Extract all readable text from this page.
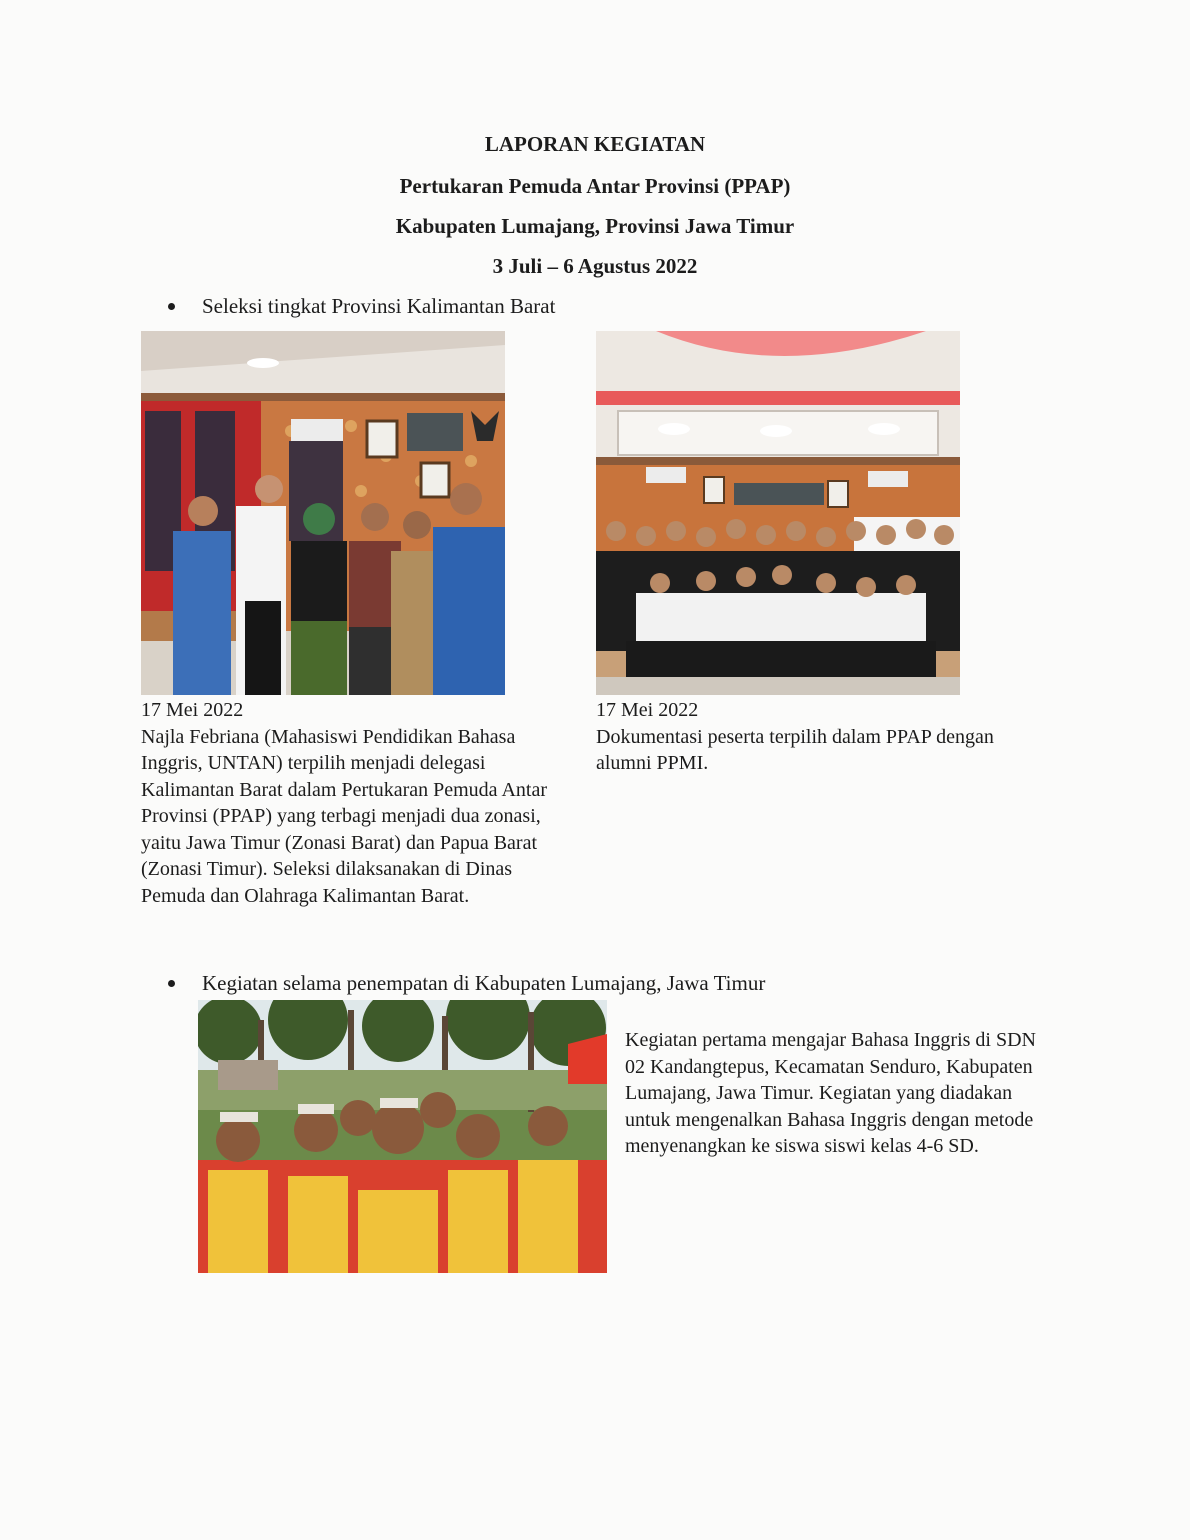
LAPORAN KEGIATAN

Pertukaran Pemuda Antar Provinsi (PPAP)

Kabupaten Lumajang, Provinsi Jawa Timur

3 Juli – 6 Agustus 2022

Seleksi tingkat Provinsi Kalimantan Barat
17 Mei 2022
Najla Febriana (Mahasiswi Pendidikan Bahasa Inggris, UNTAN) terpilih menjadi delegasi Kalimantan Barat dalam Pertukaran Pemuda Antar Provinsi (PPAP) yang terbagi menjadi dua zonasi, yaitu Jawa Timur (Zonasi Barat) dan Papua Barat (Zonasi Timur). Seleksi dilaksanakan di Dinas Pemuda dan Olahraga Kalimantan Barat.
17 Mei 2022
Dokumentasi peserta terpilih dalam PPAP dengan alumni PPMI.
Kegiatan selama penempatan di Kabupaten Lumajang, Jawa Timur
Kegiatan pertama mengajar Bahasa Inggris di SDN 02 Kandangtepus, Kecamatan Senduro, Kabupaten Lumajang, Jawa Timur. Kegiatan yang diadakan untuk mengenalkan Bahasa Inggris dengan metode menyenangkan ke siswa siswi kelas 4-6 SD.
